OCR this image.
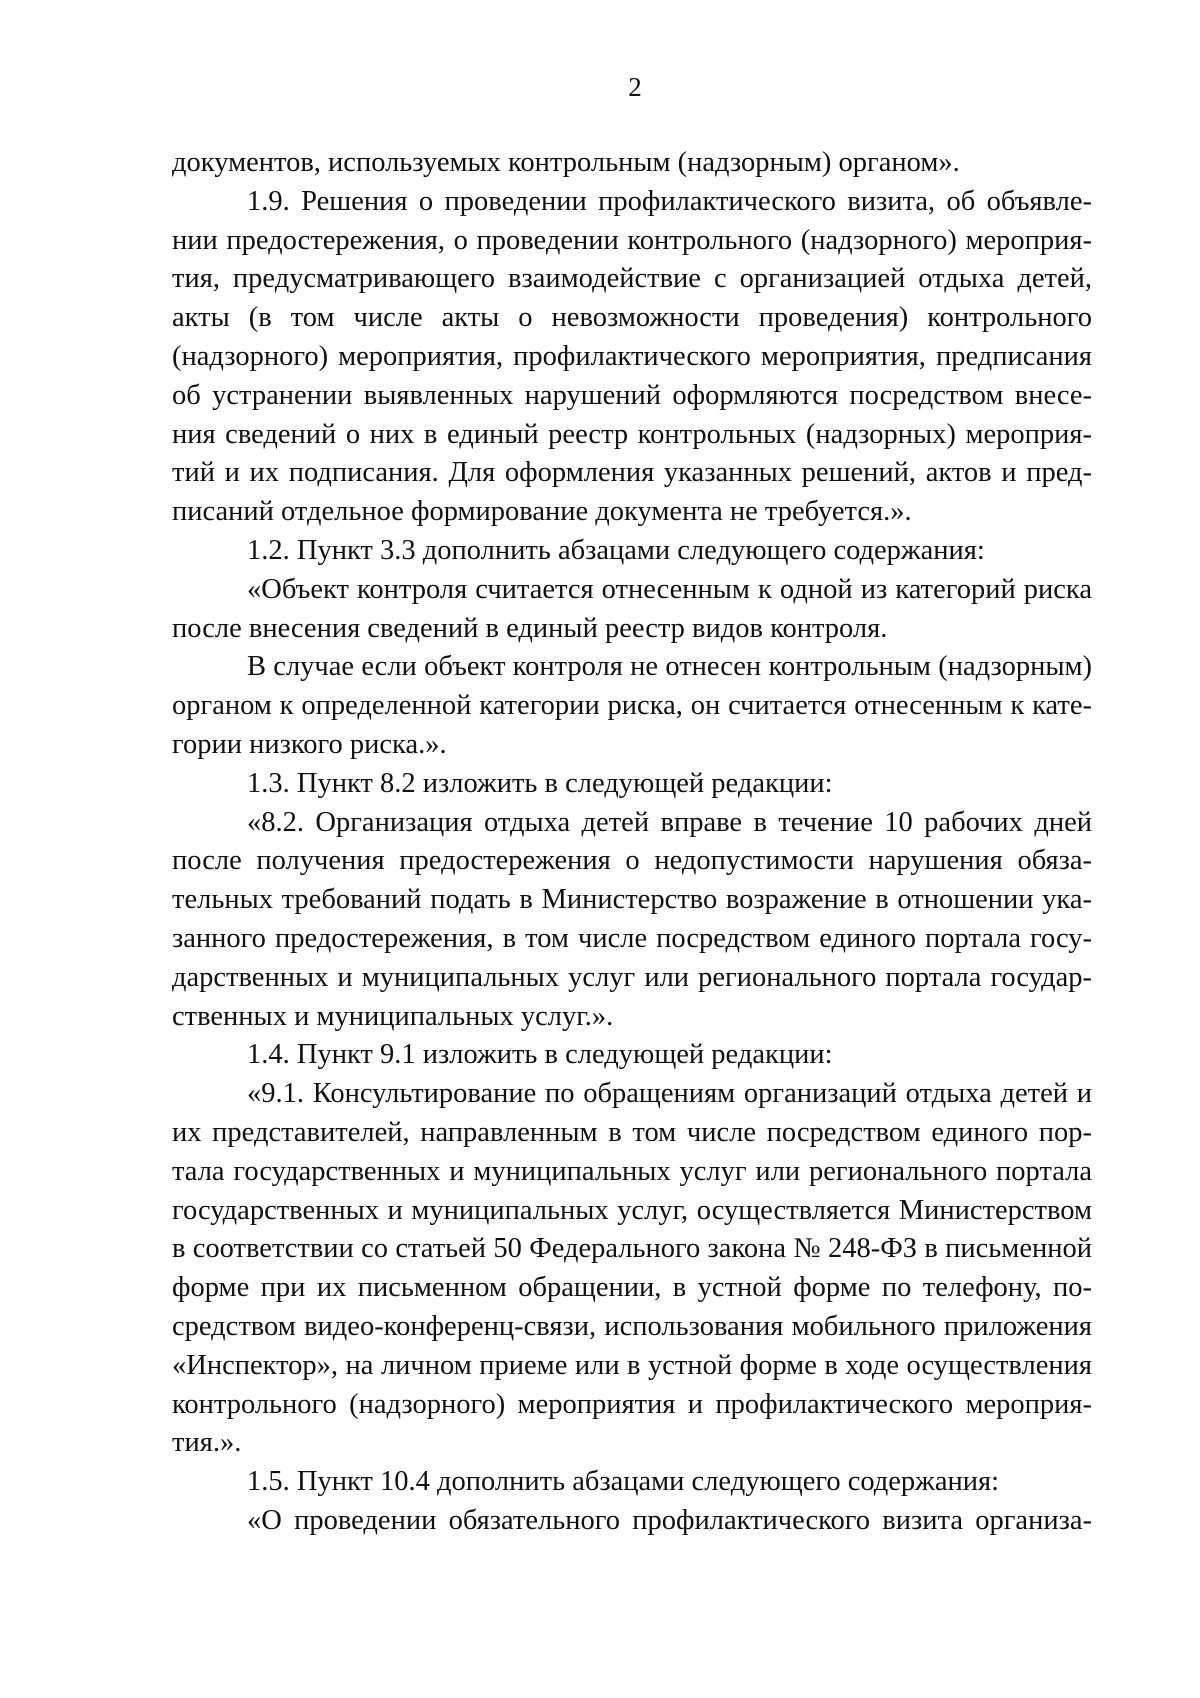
2
документов, используемых контрольным (надзорным) органом».
1.9. Решения о проведении профилактического визита, об объявле-
нии предостережения, о проведении контрольного (надзорного) мероприя-
тия, предусматривающего взаимодействие с организацией отдыха детей,
акты (в том числе акты о невозможности проведения) контрольного
(надзорного) мероприятия, профилактического мероприятия, предписания
об устранении выявленных нарушений оформляются посредством внесе-
ния сведений о них в единый реестр контрольных (надзорных) мероприя-
тий и их подписания. Для оформления указанных решений, актов и пред-
писаний отдельное формирование документа не требуется.».
1.2. Пункт 3.3 дополнить абзацами следующего содержания:
«Объект контроля считается отнесенным к одной из категорий риска
после внесения сведений в единый реестр видов контроля.
В случае если объект контроля не отнесен контрольным (надзорным)
органом к определенной категории риска, он считается отнесенным к кате-
гории низкого риска.».
1.3. Пункт 8.2 изложить в следующей редакции:
«8.2. Организация отдыха детей вправе в течение 10 рабочих дней
после получения предостережения о недопустимости нарушения обяза-
тельных требований подать в Министерство возражение в отношении ука-
занного предостережения, в том числе посредством единого портала госу-
дарственных и муниципальных услуг или регионального портала государ-
ственных и муниципальных услуг.».
1.4. Пункт 9.1 изложить в следующей редакции:
«9.1. Консультирование по обращениям организаций отдыха детей и
их представителей, направленным в том числе посредством единого пор-
тала государственных и муниципальных услуг или регионального портала
государственных и муниципальных услуг, осуществляется Министерством
в соответствии со статьей 50 Федерального закона № 248-ФЗ в письменной
форме при их письменном обращении, в устной форме по телефону, по-
средством видео-конференц-связи, использования мобильного приложения
«Инспектор», на личном приеме или в устной форме в ходе осуществления
контрольного (надзорного) мероприятия и профилактического мероприя-
тия.».
1.5. Пункт 10.4 дополнить абзацами следующего содержания:
«О проведении обязательного профилактического визита организа-
